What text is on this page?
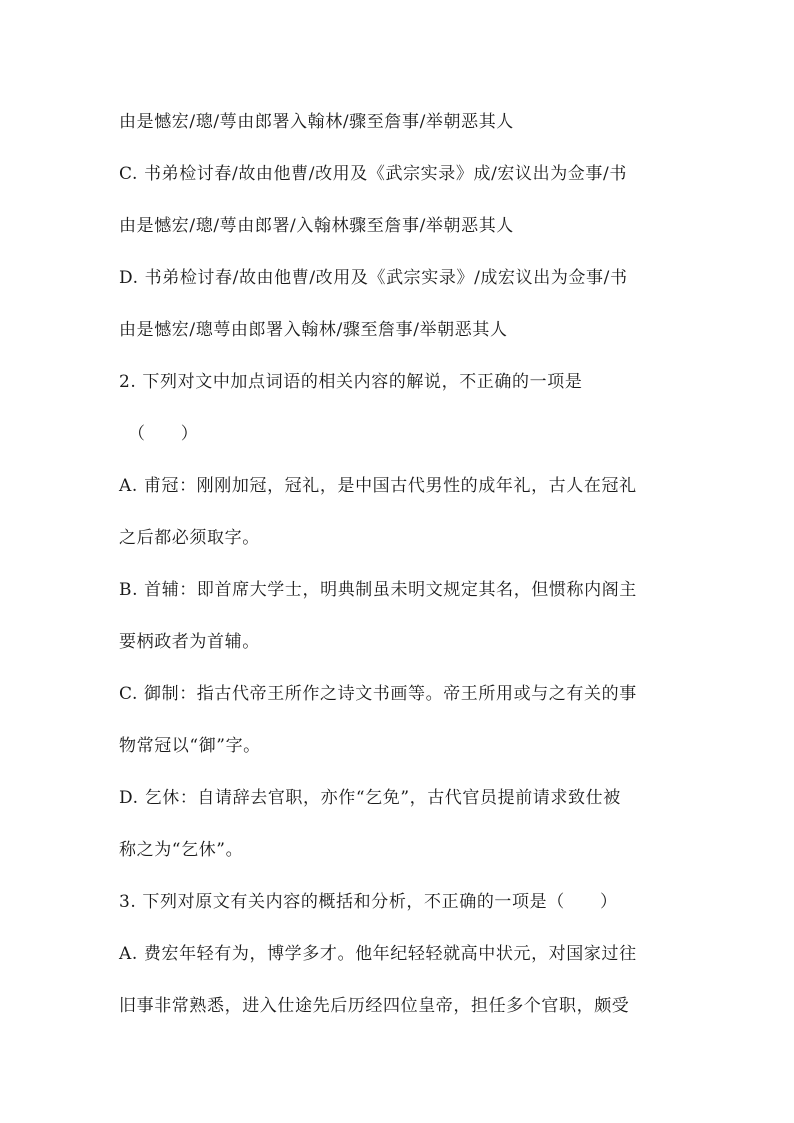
由是憾宏/璁/萼由郎署入翰林/骤至詹事/举朝恶其人
C. 书弟检讨春/故由他曹/改用及《武宗实录》成/宏议出为佥事/书
由是憾宏/璁/萼由郎署/入翰林骤至詹事/举朝恶其人
D. 书弟检讨春/故由他曹/改用及《武宗实录》/成宏议出为佥事/书
由是憾宏/璁萼由郎署入翰林/骤至詹事/举朝恶其人
2. 下列对文中加点词语的相关内容的解说，不正确的一项是
（　　）
A. 甫冠：刚刚加冠，冠礼，是中国古代男性的成年礼，古人在冠礼
之后都必须取字。
B. 首辅：即首席大学士，明典制虽未明文规定其名，但惯称内阁主
要柄政者为首辅。
C. 御制：指古代帝王所作之诗文书画等。帝王所用或与之有关的事
物常冠以“御”字。
D. 乞休：自请辞去官职，亦作“乞免”，古代官员提前请求致仕被
称之为“乞休”。
3. 下列对原文有关内容的概括和分析，不正确的一项是（　　）
A. 费宏年轻有为，博学多才。他年纪轻轻就高中状元，对国家过往
旧事非常熟悉，进入仕途先后历经四位皇帝，担任多个官职，颇受
